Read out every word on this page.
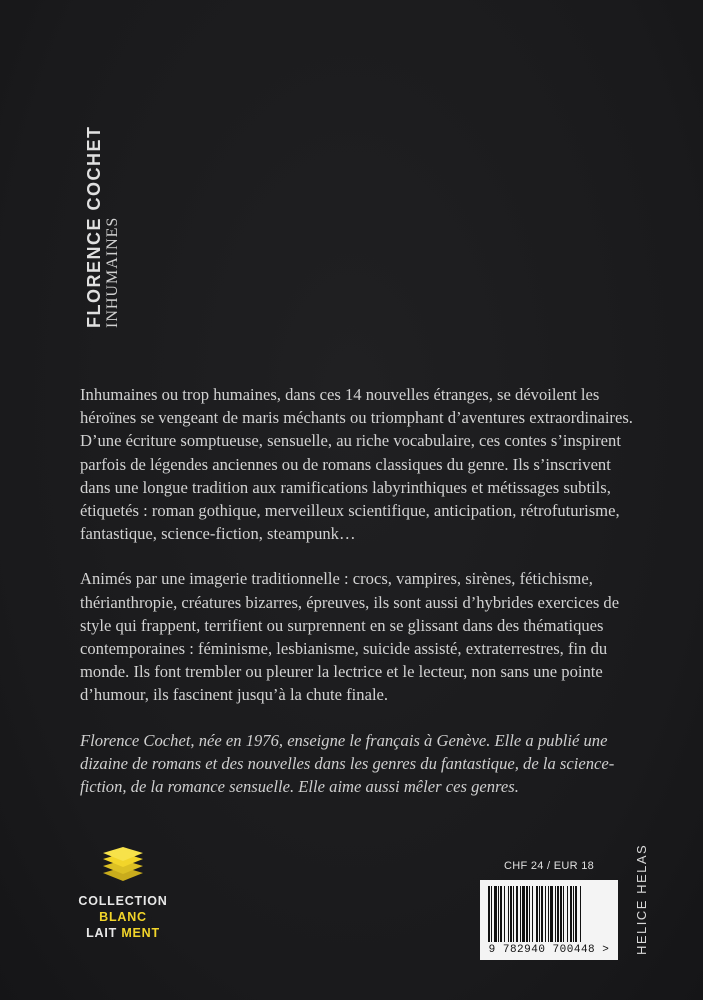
FLORENCE COCHET INHUMAINES

Inhumaines ou trop humaines, dans ces 14 nouvelles étranges, se dévoilent les héroïnes se vengeant de maris méchants ou triomphant d’aventures extraordinaires. D’une écriture somptueuse, sensuelle, au riche vocabulaire, ces contes s’inspirent parfois de légendes anciennes ou de romans classiques du genre. Ils s’inscrivent dans une longue tradition aux ramifications labyrinthiques et métissages subtils, étiquetés : roman gothique, merveilleux scientifique, anticipation, rétrofuturisme, fantastique, science-fiction, steampunk…

Animés par une imagerie traditionnelle : crocs, vampires, sirènes, fétichisme, thérianthropie, créatures bizarres, épreuves, ils sont aussi d’hybrides exercices de style qui frappent, terrifient ou surprennent en se glissant dans des thématiques contemporaines : féminisme, lesbianisme, suicide assisté, extraterrestres, fin du monde. Ils font trembler ou pleurer la lectrice et le lecteur, non sans une pointe d’humour, ils fascinent jusqu’à la chute finale.

Florence Cochet, née en 1976, enseigne le français à Genève. Elle a publié une dizaine de romans et des nouvelles dans les genres du fantastique, de la science-fiction, de la romance sensuelle. Elle aime aussi mêler ces genres.

COLLECTION
BLANC
LAIT MENT
CHF 24 / EUR 18
9 782940 700448 >	HELICE HELAS
